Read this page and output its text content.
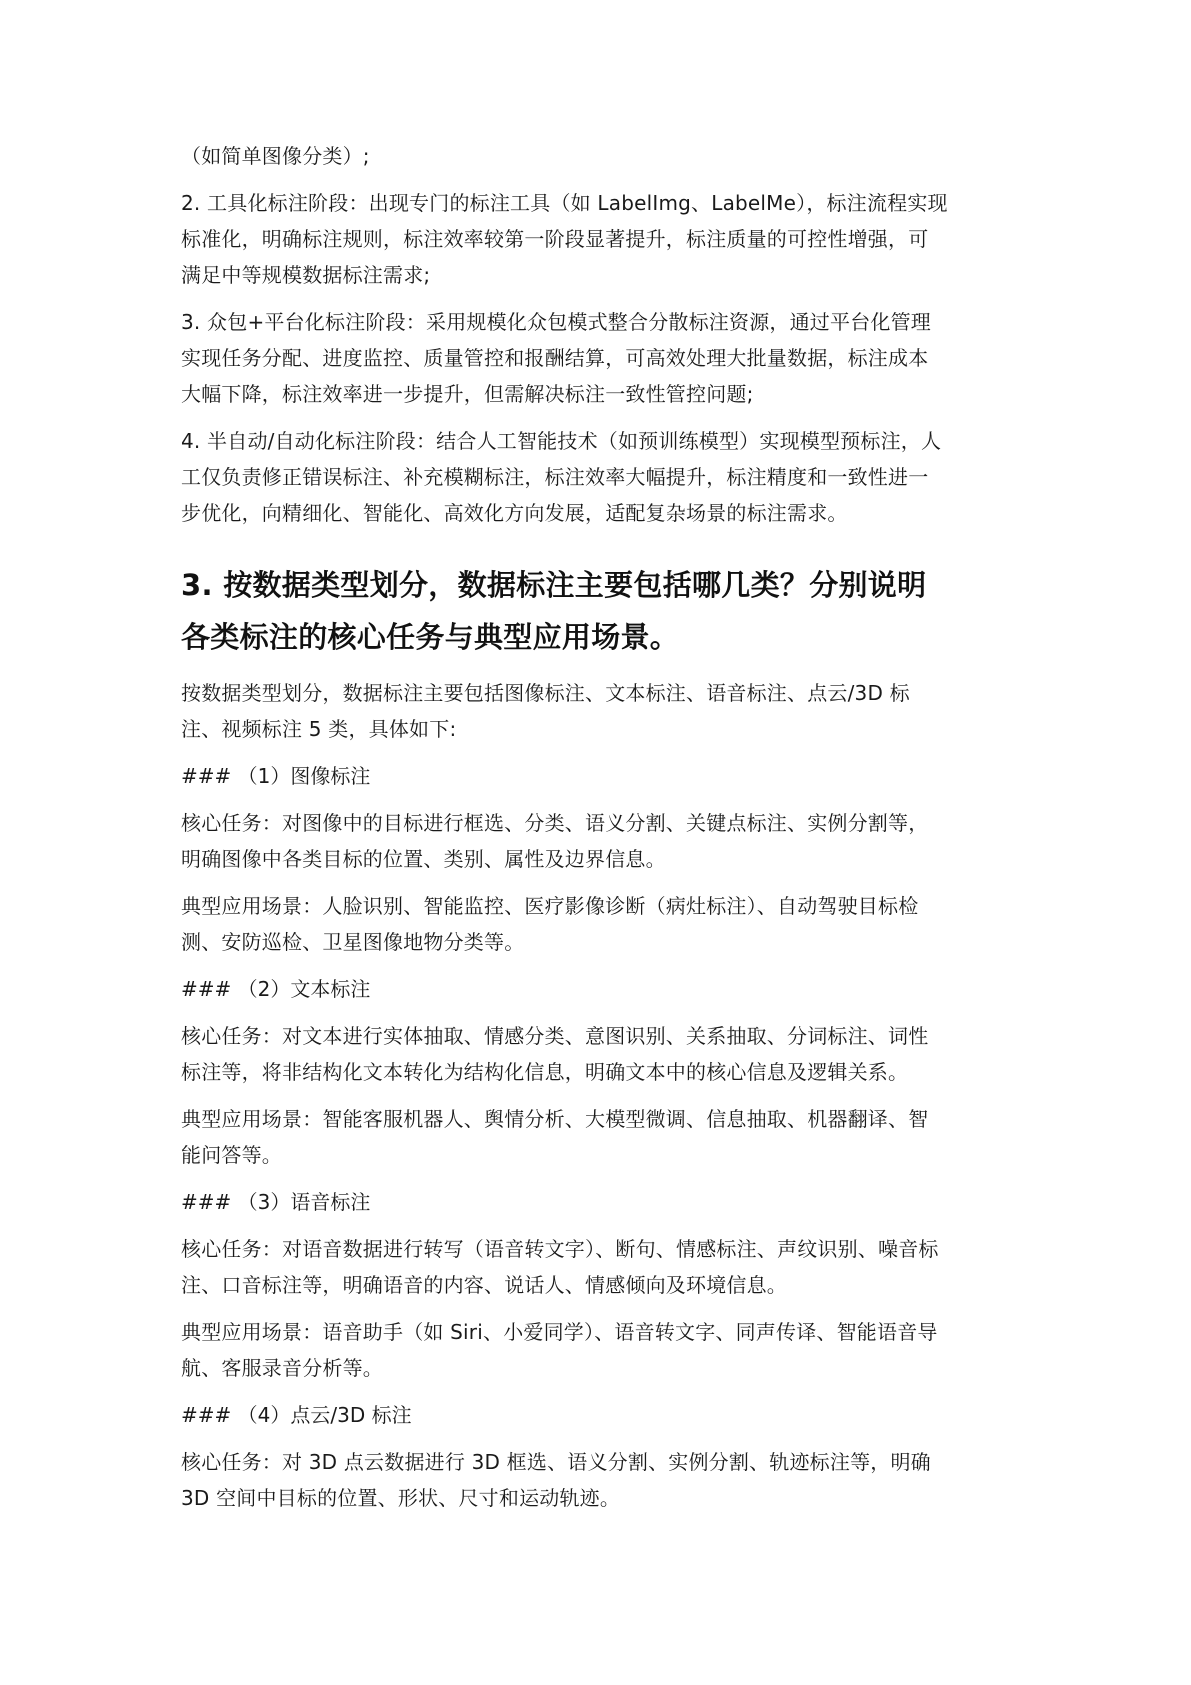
（如简单图像分类）;

2. 工具化标注阶段：出现专门的标注工具（如 LabelImg、LabelMe），标注流程实现
标准化，明确标注规则，标注效率较第一阶段显著提升，标注质量的可控性增强，可
满足中等规模数据标注需求;

3. 众包+平台化标注阶段：采用规模化众包模式整合分散标注资源，通过平台化管理
实现任务分配、进度监控、质量管控和报酬结算，可高效处理大批量数据，标注成本
大幅下降，标注效率进一步提升，但需解决标注一致性管控问题;

4. 半自动/自动化标注阶段：结合人工智能技术（如预训练模型）实现模型预标注，人
工仅负责修正错误标注、补充模糊标注，标注效率大幅提升，标注精度和一致性进一
步优化，向精细化、智能化、高效化方向发展，适配复杂场景的标注需求。

3. 按数据类型划分，数据标注主要包括哪几类？分别说明
各类标注的核心任务与典型应用场景。

按数据类型划分，数据标注主要包括图像标注、文本标注、语音标注、点云/3D 标
注、视频标注 5 类，具体如下:

### （1）图像标注

核心任务：对图像中的目标进行框选、分类、语义分割、关键点标注、实例分割等，
明确图像中各类目标的位置、类别、属性及边界信息。

典型应用场景：人脸识别、智能监控、医疗影像诊断（病灶标注）、自动驾驶目标检
测、安防巡检、卫星图像地物分类等。

### （2）文本标注

核心任务：对文本进行实体抽取、情感分类、意图识别、关系抽取、分词标注、词性
标注等，将非结构化文本转化为结构化信息，明确文本中的核心信息及逻辑关系。

典型应用场景：智能客服机器人、舆情分析、大模型微调、信息抽取、机器翻译、智
能问答等。

### （3）语音标注

核心任务：对语音数据进行转写（语音转文字）、断句、情感标注、声纹识别、噪音标
注、口音标注等，明确语音的内容、说话人、情感倾向及环境信息。

典型应用场景：语音助手（如 Siri、小爱同学）、语音转文字、同声传译、智能语音导
航、客服录音分析等。

### （4）点云/3D 标注

核心任务：对 3D 点云数据进行 3D 框选、语义分割、实例分割、轨迹标注等，明确
3D 空间中目标的位置、形状、尺寸和运动轨迹。
